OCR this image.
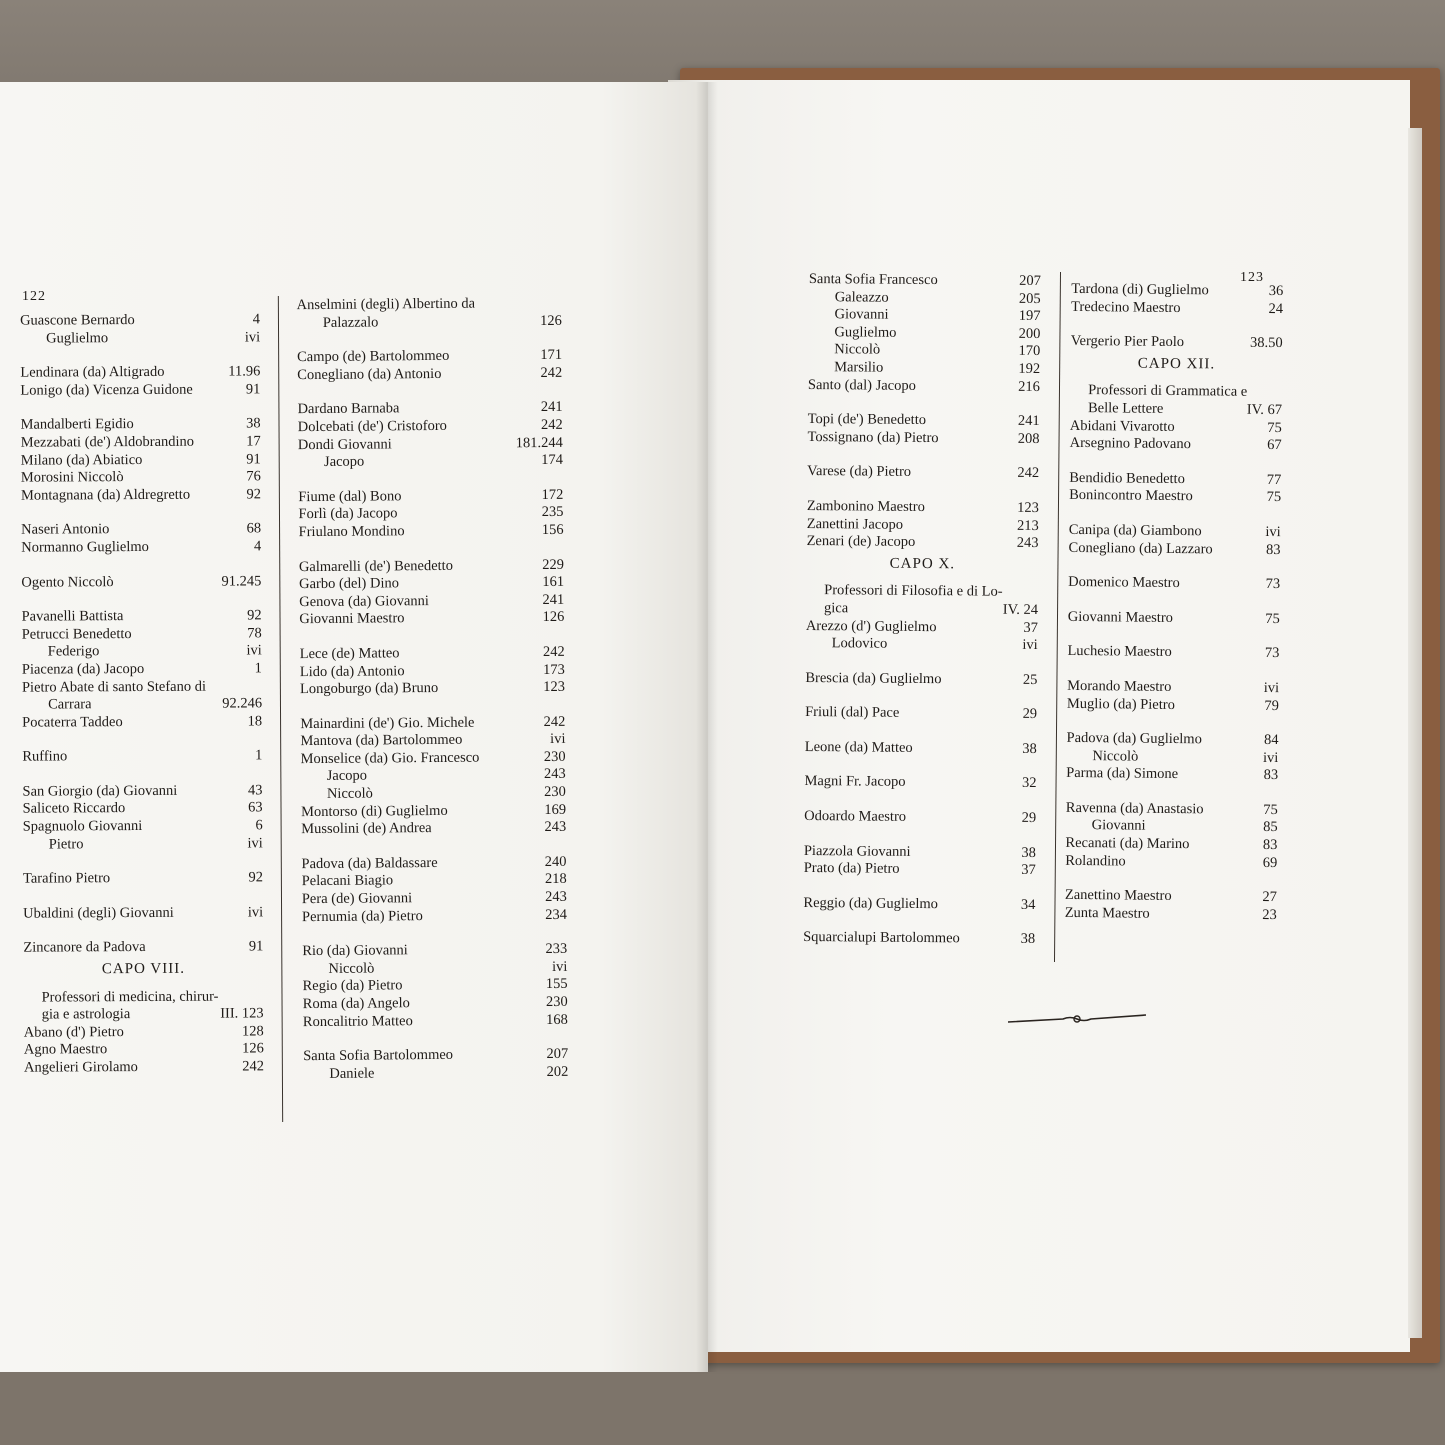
122
123
Guascone Bernardo	4
Guglielmo	ivi
Lendinara (da) Altigrado	11.96
Lonigo (da) Vicenza Guidone	91
Mandalberti Egidio	38
Mezzabati (de') Aldobrandino	17
Milano (da) Abiatico	91
Morosini Niccolò	76
Montagnana (da) Aldregretto	92
Naseri Antonio	68
Normanno Guglielmo	4
Ogento Niccolò	91.245
Pavanelli Battista	92
Petrucci Benedetto	78
Federigo	ivi
Piacenza (da) Jacopo	1
Pietro Abate di santo Stefano di
Carrara	92.246
Pocaterra Taddeo	18
Ruffino	1
San Giorgio (da) Giovanni	43
Saliceto Riccardo	63
Spagnuolo Giovanni	6
Pietro	ivi
Tarafino Pietro	92
Ubaldini (degli) Giovanni	ivi
Zincanore da Padova	91
CAPO VIII.
Professori di medicina, chirur-
gia e astrologia	III. 123
Abano (d') Pietro	128
Agno Maestro	126
Angelieri Girolamo	242
Anselmini (degli) Albertino da
Palazzalo	126
Campo (de) Bartolommeo	171
Conegliano (da) Antonio	242
Dardano Barnaba	241
Dolcebati (de') Cristoforo	242
Dondi Giovanni	181.244
Jacopo	174
Fiume (dal) Bono	172
Forlì (da) Jacopo	235
Friulano Mondino	156
Galmarelli (de') Benedetto	229
Garbo (del) Dino	161
Genova (da) Giovanni	241
Giovanni Maestro	126
Lece (de) Matteo	242
Lido (da) Antonio	173
Longoburgo (da) Bruno	123
Mainardini (de') Gio. Michele	242
Mantova (da) Bartolommeo	ivi
Monselice (da) Gio. Francesco	230
Jacopo	243
Niccolò	230
Montorso (di) Guglielmo	169
Mussolini (de) Andrea	243
Padova (da) Baldassare	240
Pelacani Biagio	218
Pera (de) Giovanni	243
Pernumia (da) Pietro	234
Rio (da) Giovanni	233
Niccolò	ivi
Regio (da) Pietro	155
Roma (da) Angelo	230
Roncalitrio Matteo	168
Santa Sofia Bartolommeo	207
Daniele	202
Santa Sofia Francesco	207
Galeazzo	205
Giovanni	197
Guglielmo	200
Niccolò	170
Marsilio	192
Santo (dal) Jacopo	216
Topi (de') Benedetto	241
Tossignano (da) Pietro	208
Varese (da) Pietro	242
Zambonino Maestro	123
Zanettini Jacopo	213
Zenari (de) Jacopo	243
CAPO X.
Professori di Filosofia e di Lo-
gica	IV. 24
Arezzo (d') Guglielmo	37
Lodovico	ivi
Brescia (da) Guglielmo	25
Friuli (dal) Pace	29
Leone (da) Matteo	38
Magni Fr. Jacopo	32
Odoardo Maestro	29
Piazzola Giovanni	38
Prato (da) Pietro	37
Reggio (da) Guglielmo	34
Squarcialupi Bartolommeo	38
Tardona (di) Guglielmo	36
Tredecino Maestro	24
Vergerio Pier Paolo	38.50
CAPO XII.
Professori di Grammatica e
Belle Lettere	IV. 67
Abidani Vivarotto	75
Arsegnino Padovano	67
Bendidio Benedetto	77
Bonincontro Maestro	75
Canipa (da) Giambono	ivi
Conegliano (da) Lazzaro	83
Domenico Maestro	73
Giovanni Maestro	75
Luchesio Maestro	73
Morando Maestro	ivi
Muglio (da) Pietro	79
Padova (da) Guglielmo	84
Niccolò	ivi
Parma (da) Simone	83
Ravenna (da) Anastasio	75
Giovanni	85
Recanati (da) Marino	83
Rolandino	69
Zanettino Maestro	27
Zunta Maestro	23
